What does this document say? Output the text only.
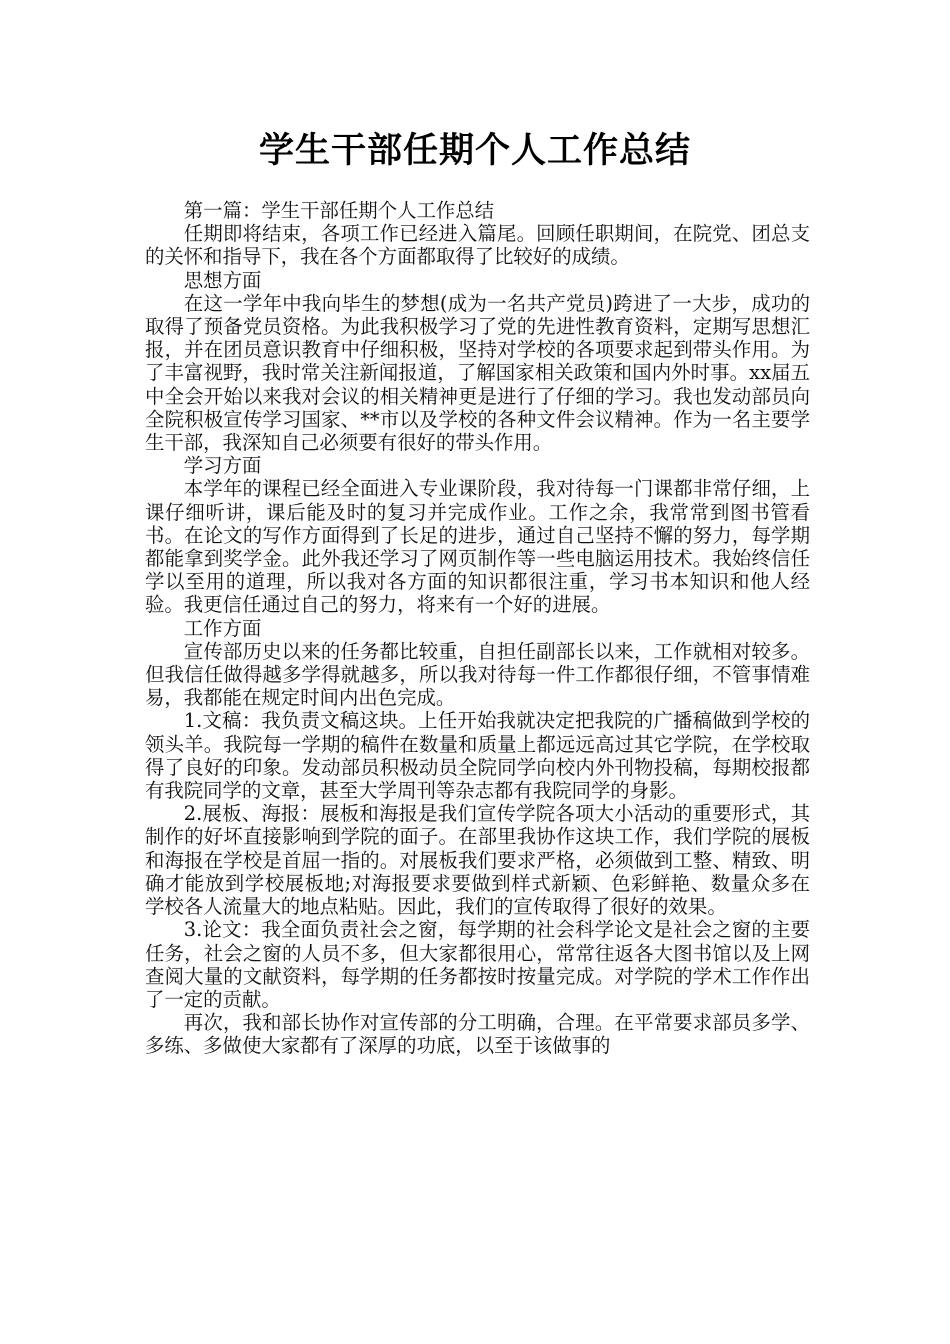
学生干部任期个人工作总结

第一篇：学生干部任期个人工作总结

任期即将结束，各项工作已经进入篇尾。回顾任职期间，在院党、团总支的关怀和指导下，我在各个方面都取得了比较好的成绩。

思想方面

在这一学年中我向毕生的梦想(成为一名共产党员)跨进了一大步，成功的取得了预备党员资格。为此我积极学习了党的先进性教育资料，定期写思想汇报，并在团员意识教育中仔细积极，坚持对学校的各项要求起到带头作用。为了丰富视野，我时常关注新闻报道，了解国家相关政策和国内外时事。xx届五中全会开始以来我对会议的相关精神更是进行了仔细的学习。我也发动部员向全院积极宣传学习国家、**市以及学校的各种文件会议精神。作为一名主要学生干部，我深知自己必须要有很好的带头作用。

学习方面

本学年的课程已经全面进入专业课阶段，我对待每一门课都非常仔细，上课仔细听讲，课后能及时的复习并完成作业。工作之余，我常常到图书管看书。在论文的写作方面得到了长足的进步，通过自己坚持不懈的努力，每学期都能拿到奖学金。此外我还学习了网页制作等一些电脑运用技术。我始终信任学以至用的道理，所以我对各方面的知识都很注重，学习书本知识和他人经验。我更信任通过自己的努力，将来有一个好的进展。

工作方面

宣传部历史以来的任务都比较重，自担任副部长以来，工作就相对较多。但我信任做得越多学得就越多，所以我对待每一件工作都很仔细，不管事情难易，我都能在规定时间内出色完成。

1.文稿：我负责文稿这块。上任开始我就决定把我院的广播稿做到学校的领头羊。我院每一学期的稿件在数量和质量上都远远高过其它学院，在学校取得了良好的印象。发动部员积极动员全院同学向校内外刊物投稿，每期校报都有我院同学的文章，甚至大学周刊等杂志都有我院同学的身影。

2.展板、海报：展板和海报是我们宣传学院各项大小活动的重要形式，其制作的好坏直接影响到学院的面子。在部里我协作这块工作，我们学院的展板和海报在学校是首屈一指的。对展板我们要求严格，必须做到工整、精致、明确才能放到学校展板地;对海报要求要做到样式新颖、色彩鲜艳、数量众多在学校各人流量大的地点粘贴。因此，我们的宣传取得了很好的效果。

3.论文：我全面负责社会之窗，每学期的社会科学论文是社会之窗的主要任务，社会之窗的人员不多，但大家都很用心，常常往返各大图书馆以及上网查阅大量的文献资料，每学期的任务都按时按量完成。对学院的学术工作作出了一定的贡献。

再次，我和部长协作对宣传部的分工明确，合理。在平常要求部员多学、多练、多做使大家都有了深厚的功底，以至于该做事的
